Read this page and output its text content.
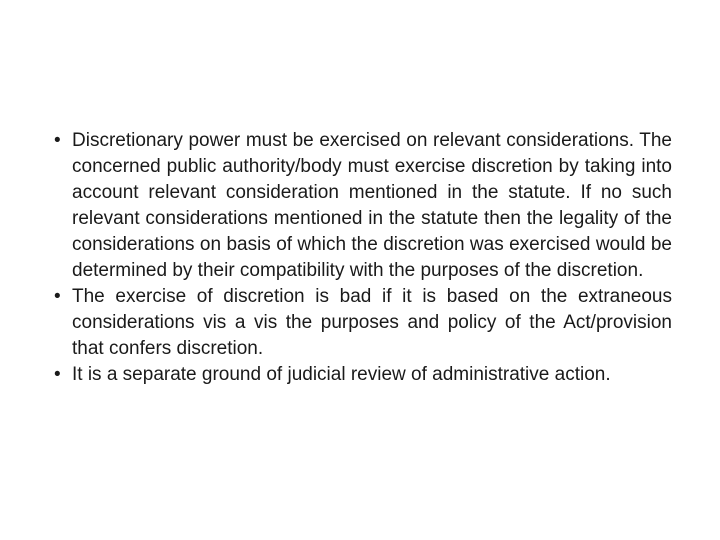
• Discretionary power must be exercised on relevant considerations. The concerned public authority/body must exercise discretion by taking into account relevant consideration mentioned in the statute. If no such relevant considerations mentioned in the statute then the legality of the considerations on basis of which the discretion was exercised would be determined by their compatibility with the purposes of the discretion.
• The exercise of discretion is bad if it is based on the extraneous considerations vis a vis the purposes and policy of the Act/provision that confers discretion.
• It is a separate ground of judicial review of administrative action.
